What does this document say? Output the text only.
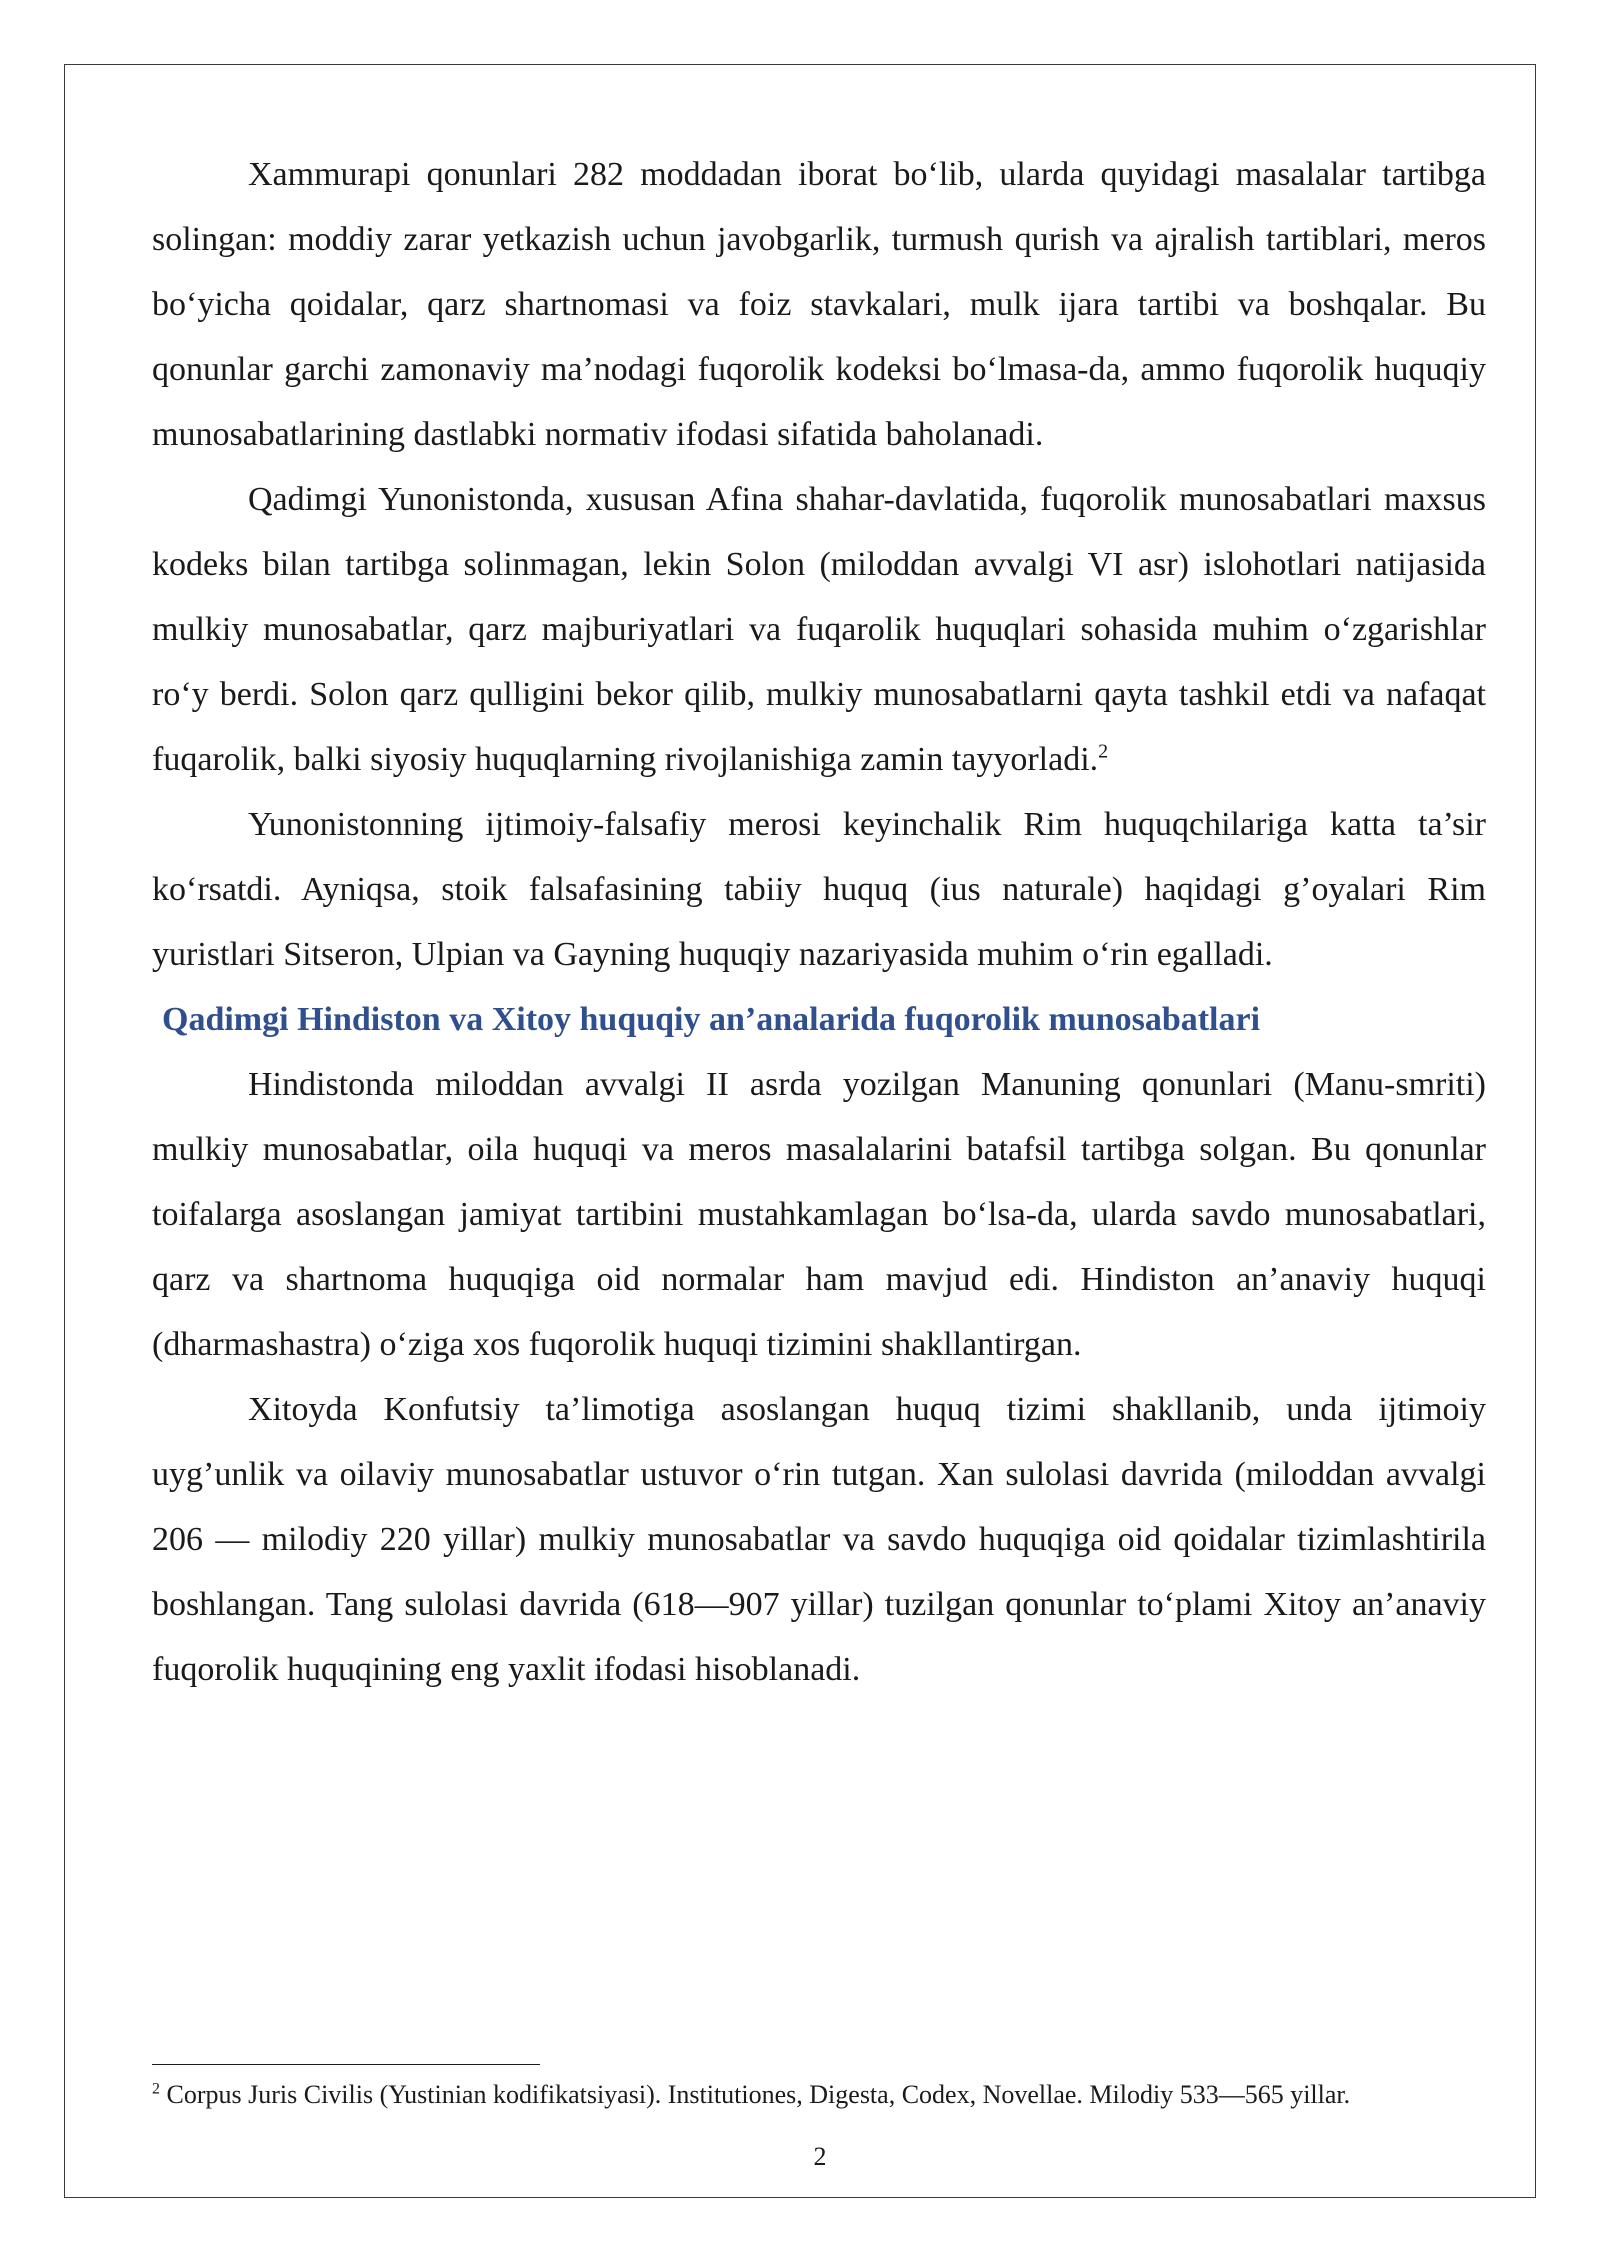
Xammurapi qonunlari 282 moddadan iborat bo‘lib, ularda quyidagi masalalar tartibga solingan: moddiy zarar yetkazish uchun javobgarlik, turmush qurish va ajralish tartiblari, meros bo‘yicha qoidalar, qarz shartnomasi va foiz stavkalari, mulk ijara tartibi va boshqalar. Bu qonunlar garchi zamonaviy ma’nodagi fuqorolik kodeksi bo‘lmasa-da, ammo fuqorolik huquqiy munosabatlarining dastlabki normativ ifodasi sifatida baholanadi.

Qadimgi Yunonistonda, xususan Afina shahar-davlatida, fuqorolik munosabatlari maxsus kodeks bilan tartibga solinmagan, lekin Solon (miloddan avvalgi VI asr) islohotlari natijasida mulkiy munosabatlar, qarz majburiyatlari va fuqarolik huquqlari sohasida muhim o‘zgarishlar ro‘y berdi. Solon qarz qulligini bekor qilib, mulkiy munosabatlarni qayta tashkil etdi va nafaqat fuqarolik, balki siyosiy huquqlarning rivojlanishiga zamin tayyorladi.$^2$

Yunonistonning ijtimoiy-falsafiy merosi keyinchalik Rim huquqchilariga katta ta’sir ko‘rsatdi. Ayniqsa, stoik falsafasining tabiiy huquq (ius naturale) haqidagi g’oyalari Rim yuristlari Sitseron, Ulpian va Gayning huquqiy nazariyasida muhim o‘rin egalladi.

Qadimgi Hindiston va Xitoy huquqiy an’analarida fuqorolik munosabatlari

Hindistonda miloddan avvalgi II asrda yozilgan Manuning qonunlari (Manu-smriti) mulkiy munosabatlar, oila huquqi va meros masalalarini batafsil tartibga solgan. Bu qonunlar toifalarga asoslangan jamiyat tartibini mustahkamlagan bo‘lsa-da, ularda savdo munosabatlari, qarz va shartnoma huquqiga oid normalar ham mavjud edi. Hindiston an’anaviy huquqi (dharmashastra) o‘ziga xos fuqorolik huquqi tizimini shakllantirgan.

Xitoyda Konfutsiy ta’limotiga asoslangan huquq tizimi shakllanib, unda ijtimoiy uyg’unlik va oilaviy munosabatlar ustuvor o‘rin tutgan. Xan sulolasi davrida (miloddan avvalgi 206 — milodiy 220 yillar) mulkiy munosabatlar va savdo huquqiga oid qoidalar tizimlashtirila boshlangan. Tang sulolasi davrida (618—907 yillar) tuzilgan qonunlar to‘plami Xitoy an’anaviy fuqorolik huquqining eng yaxlit ifodasi hisoblanadi.

$^2$ Corpus Juris Civilis (Yustinian kodifikatsiyasi). Institutiones, Digesta, Codex, Novellae. Milodiy 533—565 yillar.

2
